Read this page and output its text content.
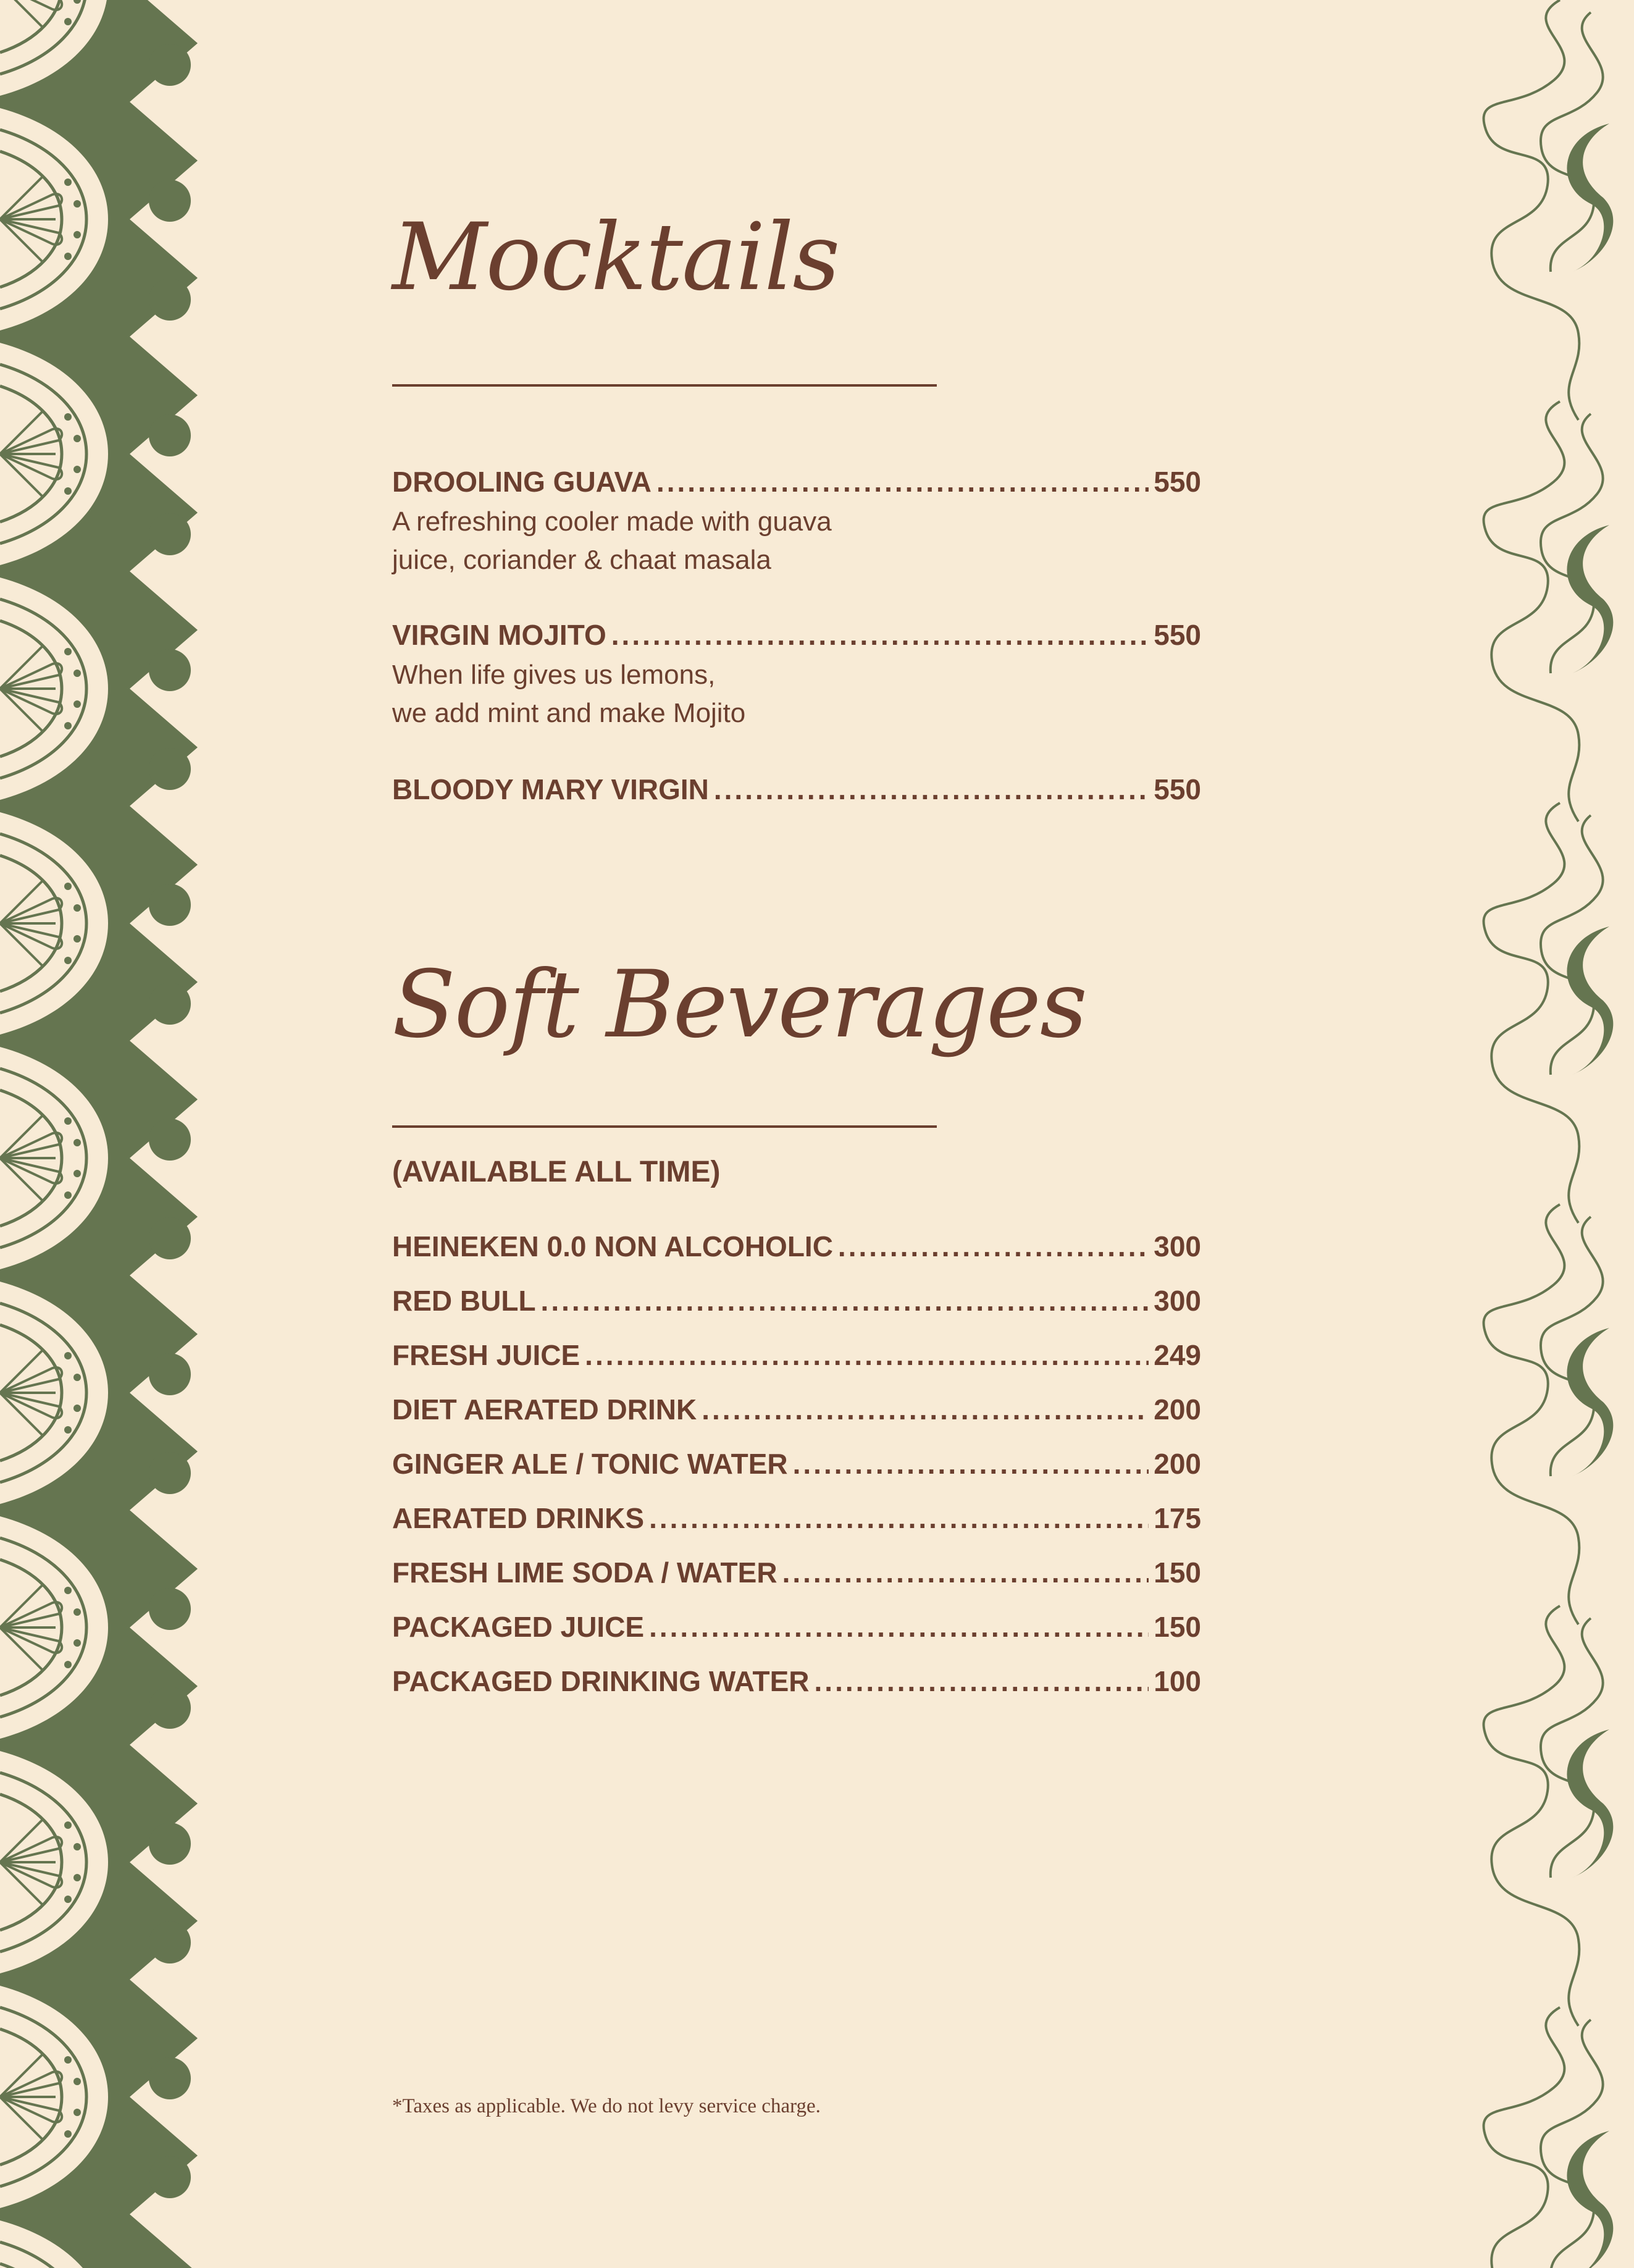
Mocktails
DROOLING GUAVA .....	550
A refreshing cooler made with guava
juice, coriander & chaat masala
VIRGIN MOJITO .....	550
When life gives us lemons,
we add mint and make Mojito
BLOODY MARY VIRGIN .....	550
Soft Beverages
(AVAILABLE ALL TIME)
HEINEKEN 0.0 NON ALCOHOLIC .....	300
RED BULL .....	300
FRESH JUICE .....	249
DIET AERATED DRINK .....	200
GINGER ALE / TONIC WATER .....	200
AERATED DRINKS .....	175
FRESH LIME SODA / WATER .....	150
PACKAGED JUICE .....	150
PACKAGED DRINKING WATER .....	100
*Taxes as applicable. We do not levy service charge.
